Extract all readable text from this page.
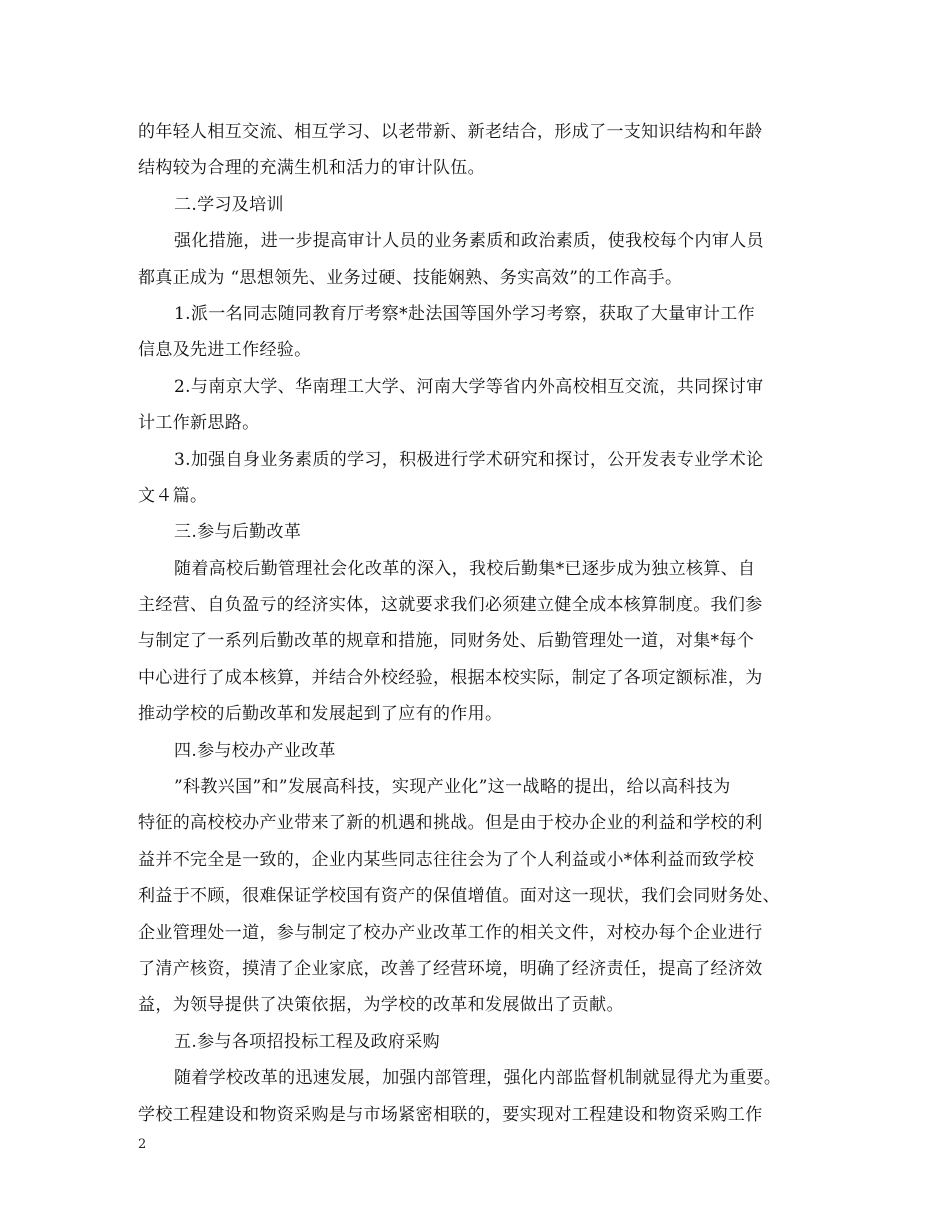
的年轻人相互交流、相互学习、以老带新、新老结合，形成了一支知识结构和年龄
结构较为合理的充满生机和活力的审计队伍。
二.学习及培训
强化措施，进一步提高审计人员的业务素质和政治素质，使我校每个内审人员
都真正成为 “思想领先、业务过硬、技能娴熟、务实高效”的工作高手。
1.派一名同志随同教育厅考察*赴法国等国外学习考察，获取了大量审计工作
信息及先进工作经验。
2.与南京大学、华南理工大学、河南大学等省内外高校相互交流，共同探讨审
计工作新思路。
3.加强自身业务素质的学习，积极进行学术研究和探讨，公开发表专业学术论
文４篇。
三.参与后勤改革
随着高校后勤管理社会化改革的深入，我校后勤集*已逐步成为独立核算、自
主经营、自负盈亏的经济实体，这就要求我们必须建立健全成本核算制度。我们参
与制定了一系列后勤改革的规章和措施，同财务处、后勤管理处一道，对集*每个
中心进行了成本核算，并结合外校经验，根据本校实际，制定了各项定额标准，为
推动学校的后勤改革和发展起到了应有的作用。
四.参与校办产业改革
”科教兴国”和”发展高科技，实现产业化”这一战略的提出，给以高科技为
特征的高校校办产业带来了新的机遇和挑战。但是由于校办企业的利益和学校的利
益并不完全是一致的，企业内某些同志往往会为了个人利益或小*体利益而致学校
利益于不顾，很难保证学校国有资产的保值增值。面对这一现状，我们会同财务处、
企业管理处一道，参与制定了校办产业改革工作的相关文件，对校办每个企业进行
了清产核资，摸清了企业家底，改善了经营环境，明确了经济责任，提高了经济效
益，为领导提供了决策依据，为学校的改革和发展做出了贡献。
五.参与各项招投标工程及政府采购
随着学校改革的迅速发展，加强内部管理，强化内部监督机制就显得尤为重要。
学校工程建设和物资采购是与市场紧密相联的，要实现对工程建设和物资采购工作
2
